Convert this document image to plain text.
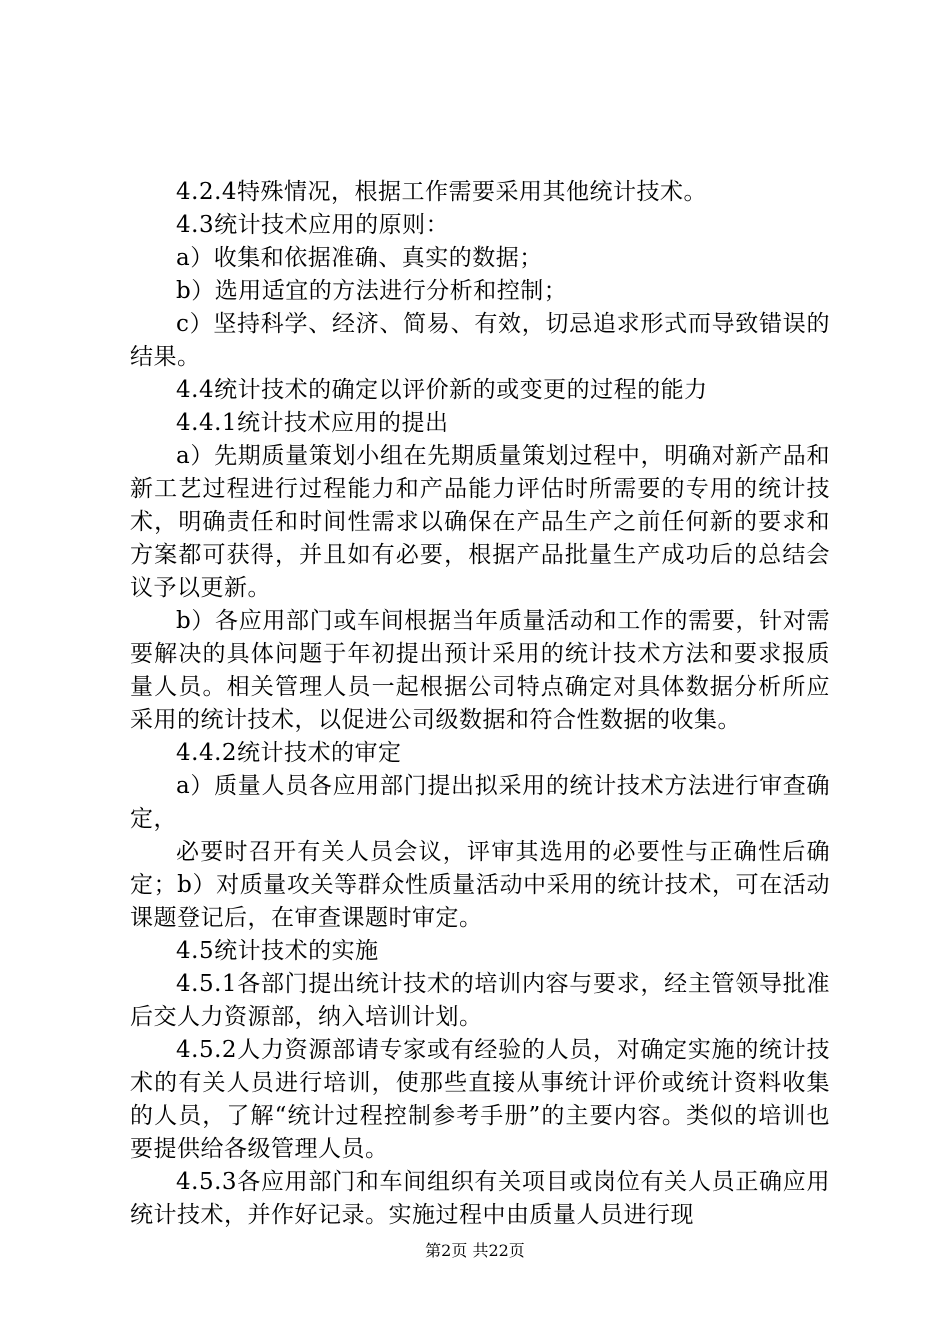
4.2.4特殊情况，根据工作需要采用其他统计技术。

4.3统计技术应用的原则：

a）收集和依据准确、真实的数据；

b）选用适宜的方法进行分析和控制；

c）坚持科学、经济、简易、有效，切忌追求形式而导致错误的结果。

4.4统计技术的确定以评价新的或变更的过程的能力

4.4.1统计技术应用的提出

a）先期质量策划小组在先期质量策划过程中，明确对新产品和新工艺过程进行过程能力和产品能力评估时所需要的专用的统计技术，明确责任和时间性需求以确保在产品生产之前任何新的要求和方案都可获得，并且如有必要，根据产品批量生产成功后的总结会议予以更新。

b）各应用部门或车间根据当年质量活动和工作的需要，针对需要解决的具体问题于年初提出预计采用的统计技术方法和要求报质量人员。相关管理人员一起根据公司特点确定对具体数据分析所应采用的统计技术，以促进公司级数据和符合性数据的收集。

4.4.2统计技术的审定

a）质量人员各应用部门提出拟采用的统计技术方法进行审查确定，

必要时召开有关人员会议，评审其选用的必要性与正确性后确定；b）对质量攻关等群众性质量活动中采用的统计技术，可在活动课题登记后，在审查课题时审定。

4.5统计技术的实施

4.5.1各部门提出统计技术的培训内容与要求，经主管领导批准后交人力资源部，纳入培训计划。

4.5.2人力资源部请专家或有经验的人员，对确定实施的统计技术的有关人员进行培训，使那些直接从事统计评价或统计资料收集的人员，了解“统计过程控制参考手册”的主要内容。类似的培训也要提供给各级管理人员。

4.5.3各应用部门和车间组织有关项目或岗位有关人员正确应用统计技术，并作好记录。实施过程中由质量人员进行现

第2页 共22页
